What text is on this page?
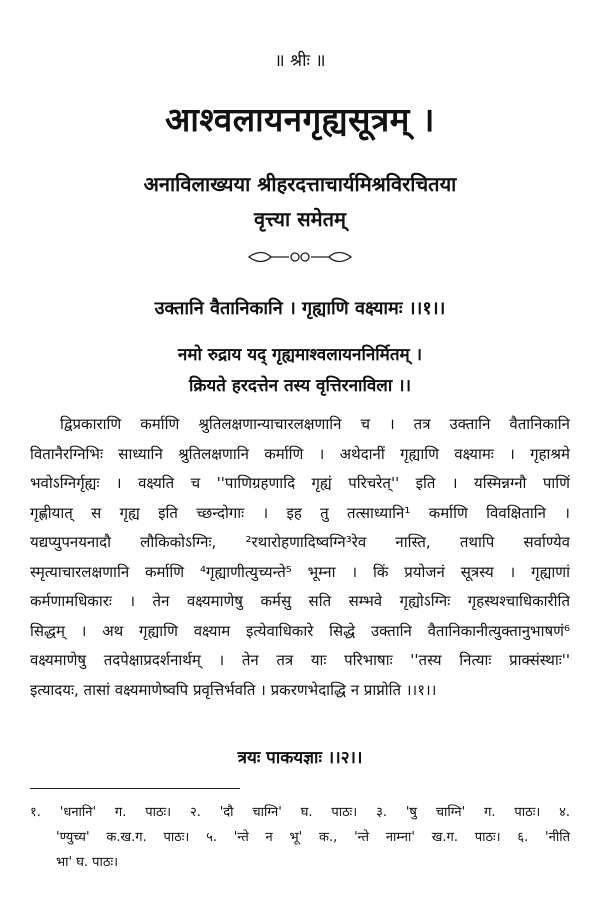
॥ श्रीः ॥
आश्वलायनगृह्यसूत्रम् ।
अनाविलाख्यया श्रीहरदत्ताचार्यमिश्रविरचितया
वृत्त्या समेतम्
उक्तानि वैतानिकानि । गृह्याणि वक्ष्यामः ।।१।।
नमो रुद्राय यद् गृह्यमाश्वलायननिर्मितम् ।
क्रियते हरदत्तेन तस्य वृत्तिरनाविला ।।
द्विप्रकाराणि कर्माणि श्रुतिलक्षणान्याचारलक्षणानि च । तत्र उक्तानि वैतानिकानि
वितानैरग्निभिः साध्यानि श्रुतिलक्षणानि कर्माणि । अथेदानीं गृह्याणि वक्ष्यामः । गृहाश्रमे
भवोऽग्निर्गृह्यः । वक्ष्यति च ''पाणिग्रहणादि गृह्यं परिचरेत्'' इति । यस्मिन्नग्नौ पाणिं
गृह्णीयात् स गृह्य इति च्छन्दोगाः । इह तु तत्साध्यानि¹ कर्माणि विवक्षितानि ।
यद्यप्युपनयनादौ लौकिकोऽग्निः, ²रथारोहणादिष्वग्नि³रेव नास्ति, तथापि सर्वाण्येव
स्मृत्याचारलक्षणानि कर्माणि ⁴गृह्याणीत्युच्यन्ते⁵ भूम्ना । किं प्रयोजनं सूत्रस्य । गृह्याणां
कर्मणामधिकारः । तेन वक्ष्यमाणेषु कर्मसु सति सम्भवे गृह्योऽग्निः गृहस्थश्चाधिकारीति
सिद्धम् । अथ गृह्याणि वक्ष्याम इत्येवाधिकारे सिद्धे उक्तानि वैतानिकानीत्युक्तानुभाषणं⁶
वक्ष्यमाणेषु तदपेक्षाप्रदर्शनार्थम् । तेन तत्र याः परिभाषाः ''तस्य नित्याः प्राक्संस्थाः''
इत्यादयः, तासां वक्ष्यमाणेष्वपि प्रवृत्तिर्भवति । प्रकरणभेदाद्धि न प्राप्नोति ।।१।।
त्रयः पाकयज्ञाः ।।२।।
१. 'धनानि' ग. पाठः। २. 'दौ चाग्नि' घ. पाठः। ३. 'षु चाग्नि' ग. पाठः। ४.
'ण्युच्य' क.ख.ग. पाठः। ५. 'न्ते न भू' क., 'न्ते नाम्ना' ख.ग. पाठः। ६. 'नीति
भा' घ. पाठः।
